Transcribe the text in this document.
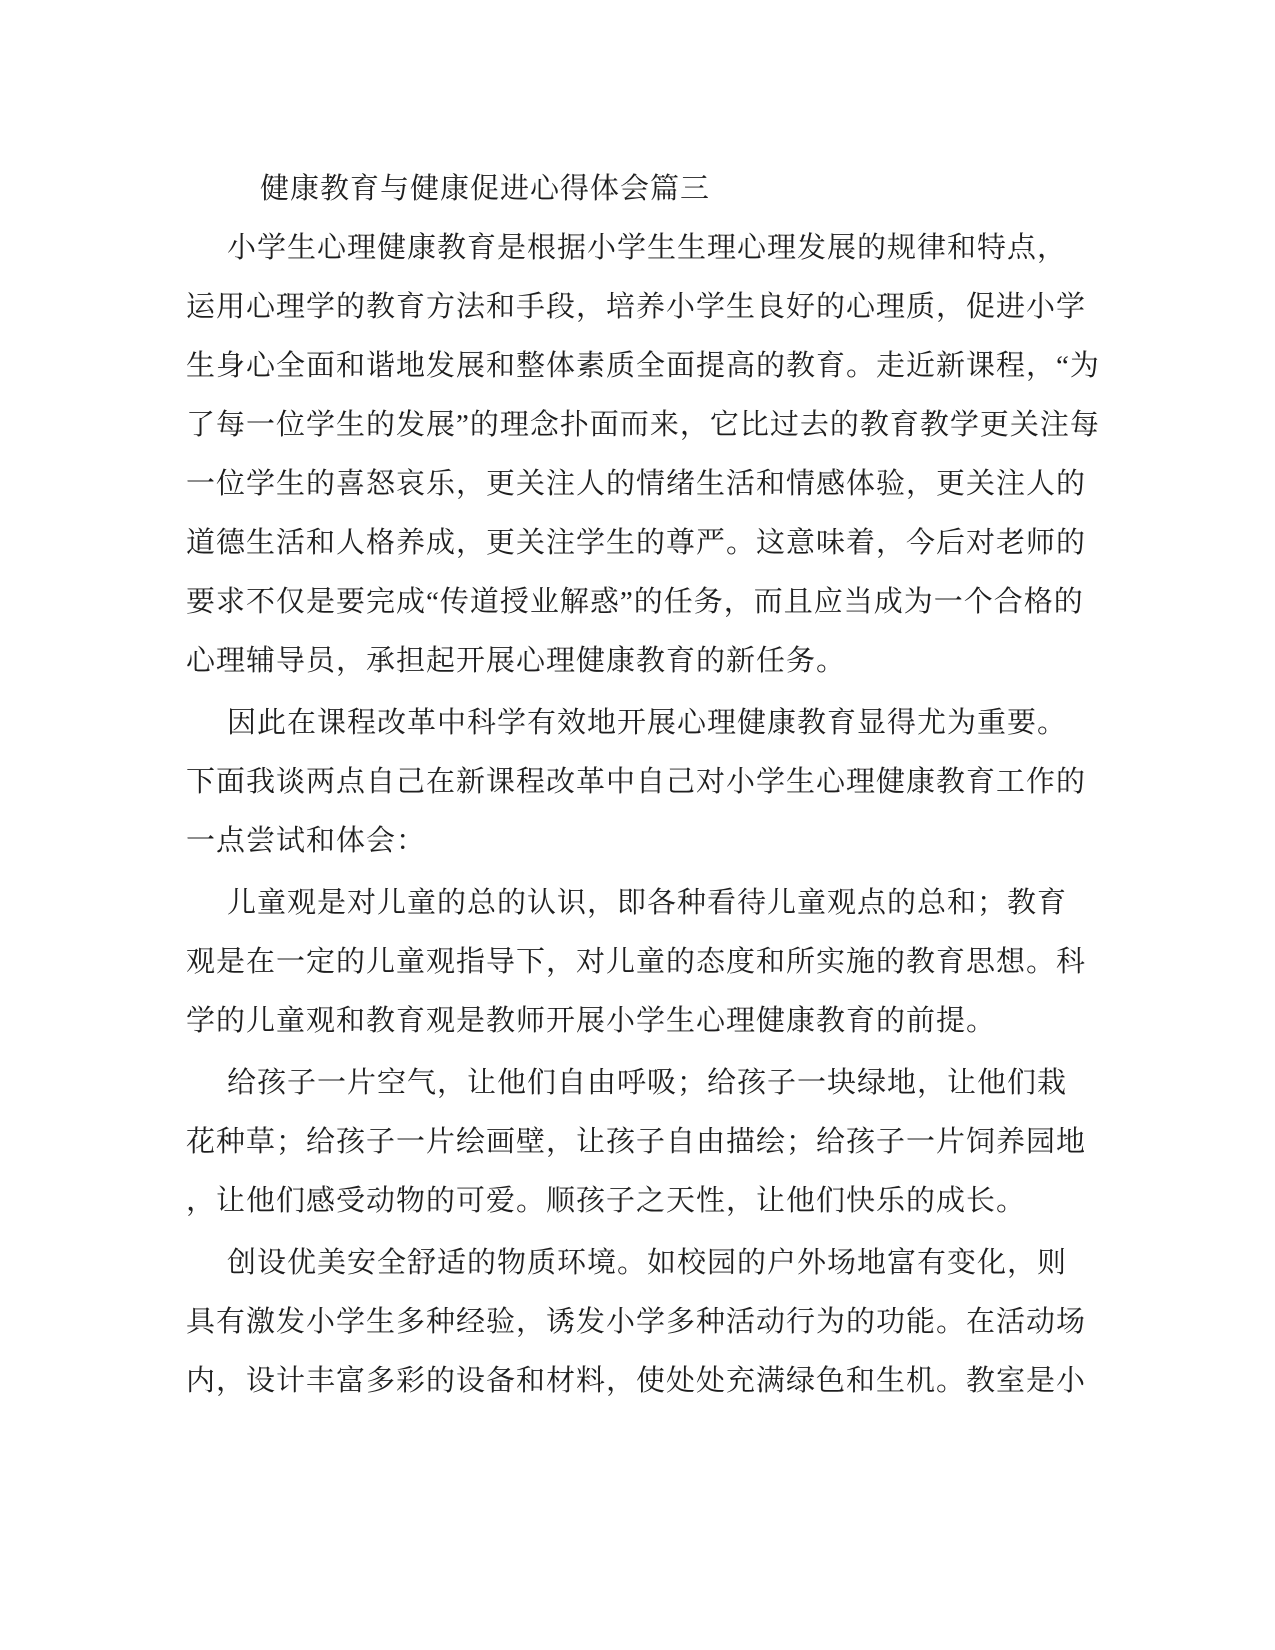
健康教育与健康促进心得体会篇三
小学生心理健康教育是根据小学生生理心理发展的规律和特点，
运用心理学的教育方法和手段，培养小学生良好的心理质，促进小学
生身心全面和谐地发展和整体素质全面提高的教育。走近新课程，“为
了每一位学生的发展”的理念扑面而来，它比过去的教育教学更关注每
一位学生的喜怒哀乐，更关注人的情绪生活和情感体验，更关注人的
道德生活和人格养成，更关注学生的尊严。这意味着，今后对老师的
要求不仅是要完成“传道授业解惑”的任务，而且应当成为一个合格的
心理辅导员，承担起开展心理健康教育的新任务。
因此在课程改革中科学有效地开展心理健康教育显得尤为重要。
下面我谈两点自己在新课程改革中自己对小学生心理健康教育工作的
一点尝试和体会：
儿童观是对儿童的总的认识，即各种看待儿童观点的总和；教育
观是在一定的儿童观指导下，对儿童的态度和所实施的教育思想。科
学的儿童观和教育观是教师开展小学生心理健康教育的前提。
给孩子一片空气，让他们自由呼吸；给孩子一块绿地，让他们栽
花种草；给孩子一片绘画壁，让孩子自由描绘；给孩子一片饲养园地
，让他们感受动物的可爱。顺孩子之天性，让他们快乐的成长。
创设优美安全舒适的物质环境。如校园的户外场地富有变化，则
具有激发小学生多种经验，诱发小学多种活动行为的功能。在活动场
内，设计丰富多彩的设备和材料，使处处充满绿色和生机。教室是小
